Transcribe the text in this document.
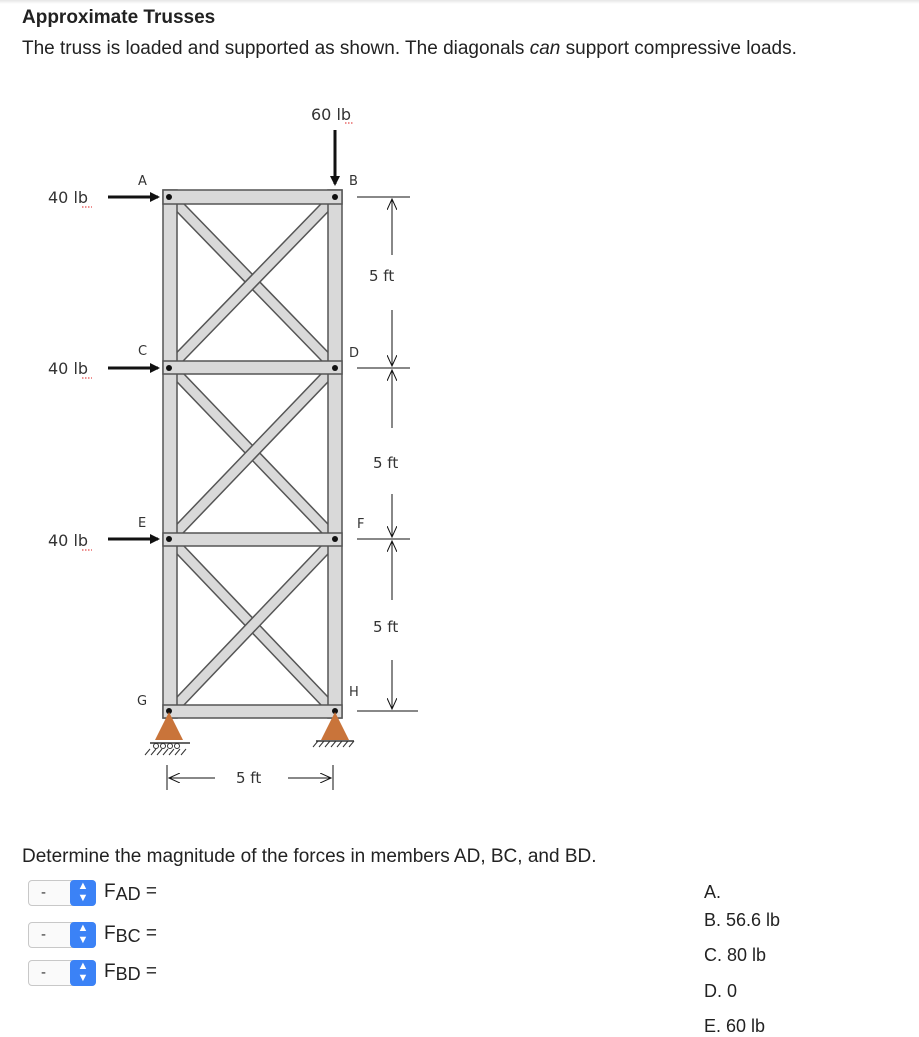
Approximate Trusses
The truss is loaded and supported as shown. The diagonals can support compressive loads.
60 lb
40 lb
40 lb
40 lb
A	B
C	D
E	F
G
H
5 ft
5 ft
5 ft
5 ft
Determine the magnitude of the forces in members AD, BC, and BD.
-	▲
▼ FAD =
-	▲
▼ FBC =
-	▲
▼ FBD =
A.
B. 56.6 lb
C. 80 lb
D. 0
E. 60 lb
